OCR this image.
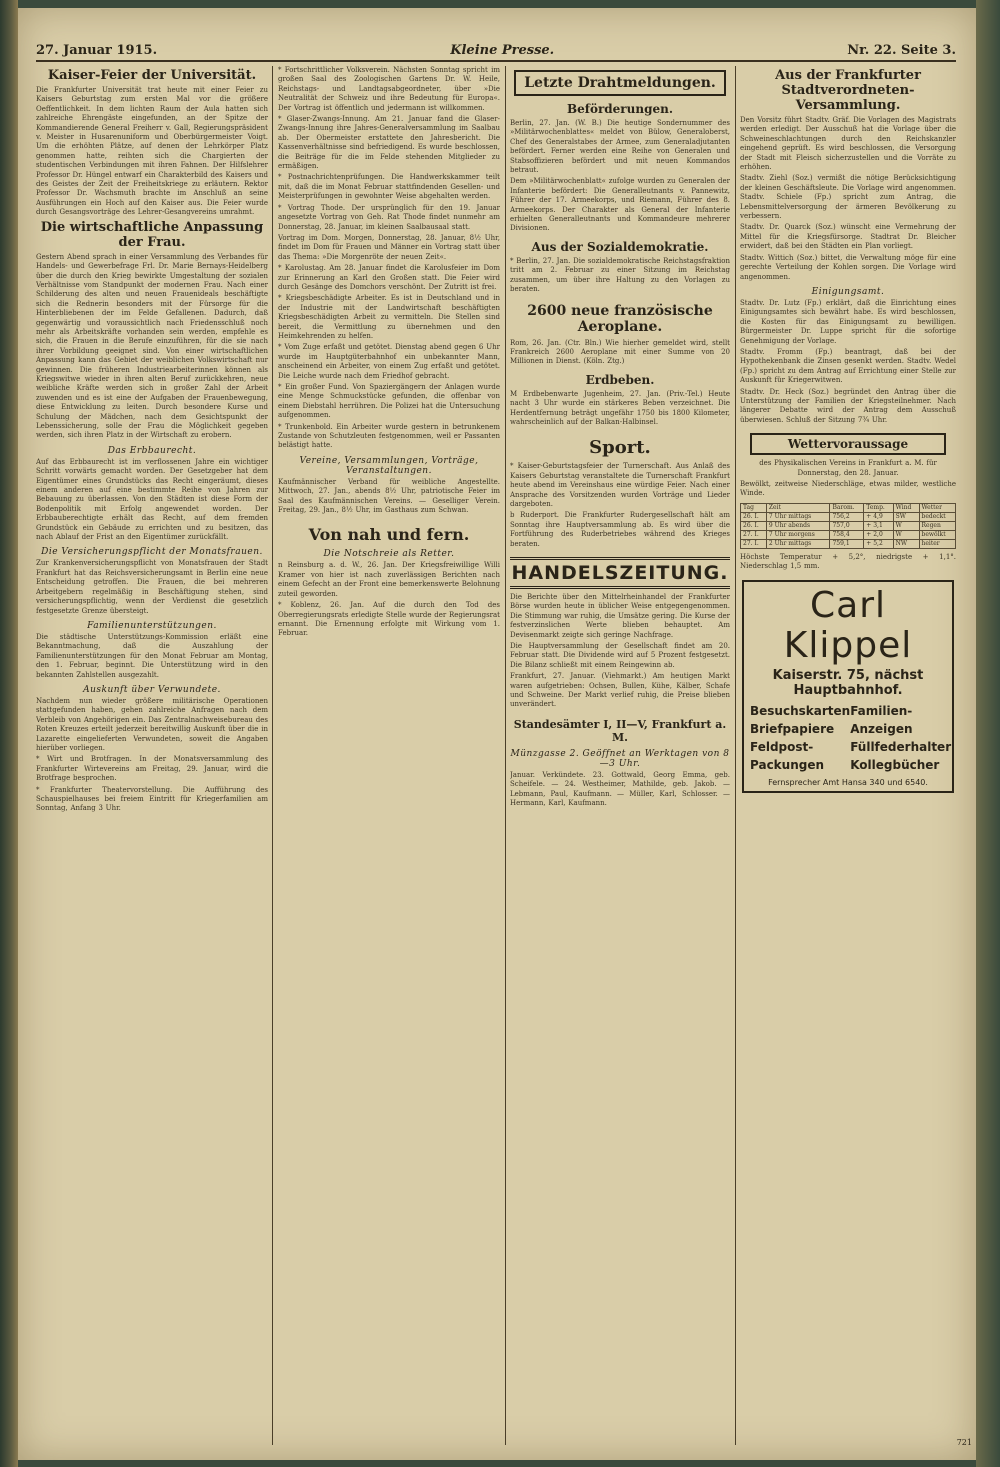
27. Januar 1915.	Kleine Presse.	Nr. 22. Seite 3.
Kaiser-Feier der Universität.

Die Frankfurter Universität trat heute mit einer Feier zu Kaisers Geburtstag zum ersten Mal vor die größere Oeffentlichkeit. In dem lichten Raum der Aula hatten sich zahlreiche Ehrengäste eingefunden, an der Spitze der Kommandierende General Freiherr v. Gall, Regierungspräsident v. Meister in Husarenuniform und Oberbürgermeister Voigt. Um die erhöhten Plätze, auf denen der Lehrkörper Platz genommen hatte, reihten sich die Chargierten der studentischen Verbindungen mit ihren Fahnen. Der Hilfslehrer Professor Dr. Hüngel entwarf ein Charakterbild des Kaisers und des Geistes der Zeit der Freiheitskriege zu erläutern. Rektor Professor Dr. Wachsmuth brachte im Anschluß an seine Ausführungen ein Hoch auf den Kaiser aus. Die Feier wurde durch Gesangsvorträge des Lehrer-Gesangvereins umrahmt.

Die wirtschaftliche Anpassung der Frau.

Gestern Abend sprach in einer Versammlung des Verbandes für Handels- und Gewerbefrage Frl. Dr. Marie Bernays-Heidelberg über die durch den Krieg bewirkte Umgestaltung der sozialen Verhältnisse vom Standpunkt der modernen Frau. Nach einer Schilderung des alten und neuen Frauenideals beschäftigte sich die Rednerin besonders mit der Fürsorge für die Hinterbliebenen der im Felde Gefallenen. Dadurch, daß gegenwärtig und voraussichtlich nach Friedensschluß noch mehr als Arbeitskräfte vorhanden sein werden, empfehle es sich, die Frauen in die Berufe einzuführen, für die sie nach ihrer Vorbildung geeignet sind. Von einer wirtschaftlichen Anpassung kann das Gebiet der weiblichen Volkswirtschaft nur gewinnen. Die früheren Industriearbeiterinnen können als Kriegswitwe wieder in ihren alten Beruf zurückkehren, neue weibliche Kräfte werden sich in großer Zahl der Arbeit zuwenden und es ist eine der Aufgaben der Frauenbewegung, diese Entwicklung zu leiten. Durch besondere Kurse und Schulung der Mädchen, nach dem Gesichtspunkt der Lebenssicherung, solle der Frau die Möglichkeit gegeben werden, sich ihren Platz in der Wirtschaft zu erobern.

Das Erbbaurecht.

Auf das Erbbaurecht ist im verflossenen Jahre ein wichtiger Schritt vorwärts gemacht worden. Der Gesetzgeber hat dem Eigentümer eines Grundstücks das Recht eingeräumt, dieses einem anderen auf eine bestimmte Reihe von Jahren zur Bebauung zu überlassen. Von den Städten ist diese Form der Bodenpolitik mit Erfolg angewendet worden. Der Erbbauberechtigte erhält das Recht, auf dem fremden Grundstück ein Gebäude zu errichten und zu besitzen, das nach Ablauf der Frist an den Eigentümer zurückfällt.

Die Versicherungspflicht der Monatsfrauen.

Zur Krankenversicherungspflicht von Monatsfrauen der Stadt Frankfurt hat das Reichsversicherungsamt in Berlin eine neue Entscheidung getroffen. Die Frauen, die bei mehreren Arbeitgebern regelmäßig in Beschäftigung stehen, sind versicherungspflichtig, wenn der Verdienst die gesetzlich festgesetzte Grenze übersteigt.

Familienunterstützungen.

Die städtische Unterstützungs-Kommission erläßt eine Bekanntmachung, daß die Auszahlung der Familienunterstützungen für den Monat Februar am Montag, den 1. Februar, beginnt. Die Unterstützung wird in den bekannten Zahlstellen ausgezahlt.

Auskunft über Verwundete.

Nachdem nun wieder größere militärische Operationen stattgefunden haben, gehen zahlreiche Anfragen nach dem Verbleib von Angehörigen ein. Das Zentralnachweisebureau des Roten Kreuzes erteilt jederzeit bereitwillig Auskunft über die in Lazarette eingelieferten Verwundeten, soweit die Angaben hierüber vorliegen.

* Wirt und Brotfragen. In der Monatsversammlung des Frankfurter Wirtevereins am Freitag, 29. Januar, wird die Brotfrage besprochen.

* Frankfurter Theatervorstellung. Die Aufführung des Schauspielhauses bei freiem Eintritt für Kriegerfamilien am Sonntag, Anfang 3 Uhr.

* Fortschrittlicher Volksverein. Nächsten Sonntag spricht im großen Saal des Zoologischen Gartens Dr. W. Heile, Reichstags- und Landtagsabgeordneter, über »Die Neutralität der Schweiz und ihre Bedeutung für Europa«. Der Vortrag ist öffentlich und jedermann ist willkommen.

* Glaser-Zwangs-Innung. Am 21. Januar fand die Glaser-Zwangs-Innung ihre Jahres-Generalversammlung im Saalbau ab. Der Obermeister erstattete den Jahresbericht. Die Kassenverhältnisse sind befriedigend. Es wurde beschlossen, die Beiträge für die im Felde stehenden Mitglieder zu ermäßigen.

* Postnachrichtenprüfungen. Die Handwerkskammer teilt mit, daß die im Monat Februar stattfindenden Gesellen- und Meisterprüfungen in gewohnter Weise abgehalten werden.

* Vortrag Thode. Der ursprünglich für den 19. Januar angesetzte Vortrag von Geh. Rat Thode findet nunmehr am Donnerstag, 28. Januar, im kleinen Saalbausaal statt.

Vortrag im Dom. Morgen, Donnerstag, 28. Januar, 8½ Uhr, findet im Dom für Frauen und Männer ein Vortrag statt über das Thema: »Die Morgenröte der neuen Zeit«.

* Karolustag. Am 28. Januar findet die Karolusfeier im Dom zur Erinnerung an Karl den Großen statt. Die Feier wird durch Gesänge des Domchors verschönt. Der Zutritt ist frei.

* Kriegsbeschädigte Arbeiter. Es ist in Deutschland und in der Industrie mit der Landwirtschaft beschäftigten Kriegsbeschädigten Arbeit zu vermitteln. Die Stellen sind bereit, die Vermittlung zu übernehmen und den Heimkehrenden zu helfen.

* Vom Zuge erfaßt und getötet. Dienstag abend gegen 6 Uhr wurde im Hauptgüterbahnhof ein unbekannter Mann, anscheinend ein Arbeiter, von einem Zug erfaßt und getötet. Die Leiche wurde nach dem Friedhof gebracht.

* Ein großer Fund. Von Spaziergängern der Anlagen wurde eine Menge Schmuckstücke gefunden, die offenbar von einem Diebstahl herrühren. Die Polizei hat die Untersuchung aufgenommen.

* Trunkenbold. Ein Arbeiter wurde gestern in betrunkenem Zustande von Schutzleuten festgenommen, weil er Passanten belästigt hatte.

Vereine, Versammlungen, Vorträge, Veranstaltungen.

Kaufmännischer Verband für weibliche Angestellte. Mittwoch, 27. Jan., abends 8½ Uhr, patriotische Feier im Saal des Kaufmännischen Vereins. — Geselliger Verein. Freitag, 29. Jan., 8½ Uhr, im Gasthaus zum Schwan.

Von nah und fern.
Die Notschreie als Retter.

n Reinsburg a. d. W., 26. Jan. Der Kriegsfreiwillige Willi Kramer von hier ist nach zuverlässigen Berichten nach einem Gefecht an der Front eine bemerkenswerte Belohnung zuteil geworden.

* Koblenz, 26. Jan. Auf die durch den Tod des Oberregierungsrats erledigte Stelle wurde der Regierungsrat ernannt. Die Ernennung erfolgte mit Wirkung vom 1. Februar.

Letzte Drahtmeldungen.
Beförderungen.

Berlin, 27. Jan. (W. B.) Die heutige Sondernummer des »Militärwochenblattes« meldet von Bülow, Generaloberst, Chef des Generalstabes der Armee, zum Generaladjutanten befördert. Ferner werden eine Reihe von Generalen und Stabsoffizieren befördert und mit neuen Kommandos betraut.

Dem »Militärwochenblatt« zufolge wurden zu Generalen der Infanterie befördert: Die Generalleutnants v. Pannewitz, Führer der 17. Armeekorps, und Riemann, Führer des 8. Armeekorps. Der Charakter als General der Infanterie erhielten Generalleutnants und Kommandeure mehrerer Divisionen.

Aus der Sozialdemokratie.

* Berlin, 27. Jan. Die sozialdemokratische Reichstagsfraktion tritt am 2. Februar zu einer Sitzung im Reichstag zusammen, um über ihre Haltung zu den Vorlagen zu beraten.

2600 neue französische Aeroplane.

Rom, 26. Jan. (Ctr. Bln.) Wie hierher gemeldet wird, stellt Frankreich 2600 Aeroplane mit einer Summe von 20 Millionen in Dienst. (Köln. Ztg.)

Erdbeben.

M Erdbebenwarte Jugenheim, 27. Jan. (Priv.-Tel.) Heute nacht 3 Uhr wurde ein stärkeres Beben verzeichnet. Die Herdentfernung beträgt ungefähr 1750 bis 1800 Kilometer, wahrscheinlich auf der Balkan-Halbinsel.

Sport.

* Kaiser-Geburtstagsfeier der Turnerschaft. Aus Anlaß des Kaisers Geburtstag veranstaltete die Turnerschaft Frankfurt heute abend im Vereinshaus eine würdige Feier. Nach einer Ansprache des Vorsitzenden wurden Vorträge und Lieder dargeboten.

b Ruderport. Die Frankfurter Rudergesellschaft hält am Sonntag ihre Hauptversammlung ab. Es wird über die Fortführung des Ruderbetriebes während des Krieges beraten.

HANDELSZEITUNG.

Die Berichte über den Mittelrheinhandel der Frankfurter Börse wurden heute in üblicher Weise entgegengenommen. Die Stimmung war ruhig, die Umsätze gering. Die Kurse der festverzinslichen Werte blieben behauptet. Am Devisenmarkt zeigte sich geringe Nachfrage.

Die Hauptversammlung der Gesellschaft findet am 20. Februar statt. Die Dividende wird auf 5 Prozent festgesetzt. Die Bilanz schließt mit einem Reingewinn ab.

Frankfurt, 27. Januar. (Viehmarkt.) Am heutigen Markt waren aufgetrieben: Ochsen, Bullen, Kühe, Kälber, Schafe und Schweine. Der Markt verlief ruhig, die Preise blieben unverändert.

Standesämter I, II—V, Frankfurt a. M.
Münzgasse 2. Geöffnet an Werktagen von 8—3 Uhr.

Januar. Verkündete. 23. Gottwald, Georg Emma, geb. Scheifele. — 24. Westheimer, Mathilde, geb. Jakob. — Lebmann, Paul, Kaufmann. — Müller, Karl, Schlosser. — Hermann, Karl, Kaufmann.

Aus der Frankfurter Stadtverordneten-Versammlung.

Den Vorsitz führt Stadtv. Gräf. Die Vorlagen des Magistrats werden erledigt. Der Ausschuß hat die Vorlage über die Schweineschlachtungen durch den Reichskanzler eingehend geprüft. Es wird beschlossen, die Versorgung der Stadt mit Fleisch sicherzustellen und die Vorräte zu erhöhen.

Stadtv. Ziehl (Soz.) vermißt die nötige Berücksichtigung der kleinen Geschäftsleute. Die Vorlage wird angenommen. Stadtv. Schiele (Fp.) spricht zum Antrag, die Lebensmittelversorgung der ärmeren Bevölkerung zu verbessern.

Stadtv. Dr. Quarck (Soz.) wünscht eine Vermehrung der Mittel für die Kriegsfürsorge. Stadtrat Dr. Bleicher erwidert, daß bei den Städten ein Plan vorliegt.

Stadtv. Wittich (Soz.) bittet, die Verwaltung möge für eine gerechte Verteilung der Kohlen sorgen. Die Vorlage wird angenommen.

Einigungsamt.

Stadtv. Dr. Lutz (Fp.) erklärt, daß die Einrichtung eines Einigungsamtes sich bewährt habe. Es wird beschlossen, die Kosten für das Einigungsamt zu bewilligen. Bürgermeister Dr. Luppe spricht für die sofortige Genehmigung der Vorlage.

Stadtv. Fromm (Fp.) beantragt, daß bei der Hypothekenbank die Zinsen gesenkt werden. Stadtv. Wedel (Fp.) spricht zu dem Antrag auf Errichtung einer Stelle zur Auskunft für Kriegerwitwen.

Stadtv. Dr. Heck (Soz.) begründet den Antrag über die Unterstützung der Familien der Kriegsteilnehmer. Nach längerer Debatte wird der Antrag dem Ausschuß überwiesen. Schluß der Sitzung 7¾ Uhr.

Wettervoraussage

des Physikalischen Vereins in Frankfurt a. M. für Donnerstag, den 28. Januar.

Bewölkt, zeitweise Niederschläge, etwas milder, westliche Winde.

Tag	Zeit	Barom.	Temp.	Wind	Wetter
26. I.	7 Uhr mittags	756,2	+ 4,9	SW	bedeckt
26. I.	9 Uhr abends	757,0	+ 3,1	W	Regen
27. I.	7 Uhr morgens	758,4	+ 2,0	W	bewölkt
27. I.	2 Uhr mittags	759,1	+ 5,2	NW	heiter

Höchste Temperatur + 5,2°, niedrigste + 1,1°. Niederschlag 1,5 mm.

Carl Klippel
Kaiserstr. 75, nächst Hauptbahnhof.
Besuchskarten
Briefpapiere
Feldpost-Packungen
Familien-Anzeigen
Füllfederhalter
Kollegbücher
Fernsprecher Amt Hansa 340 und 6540.
721
